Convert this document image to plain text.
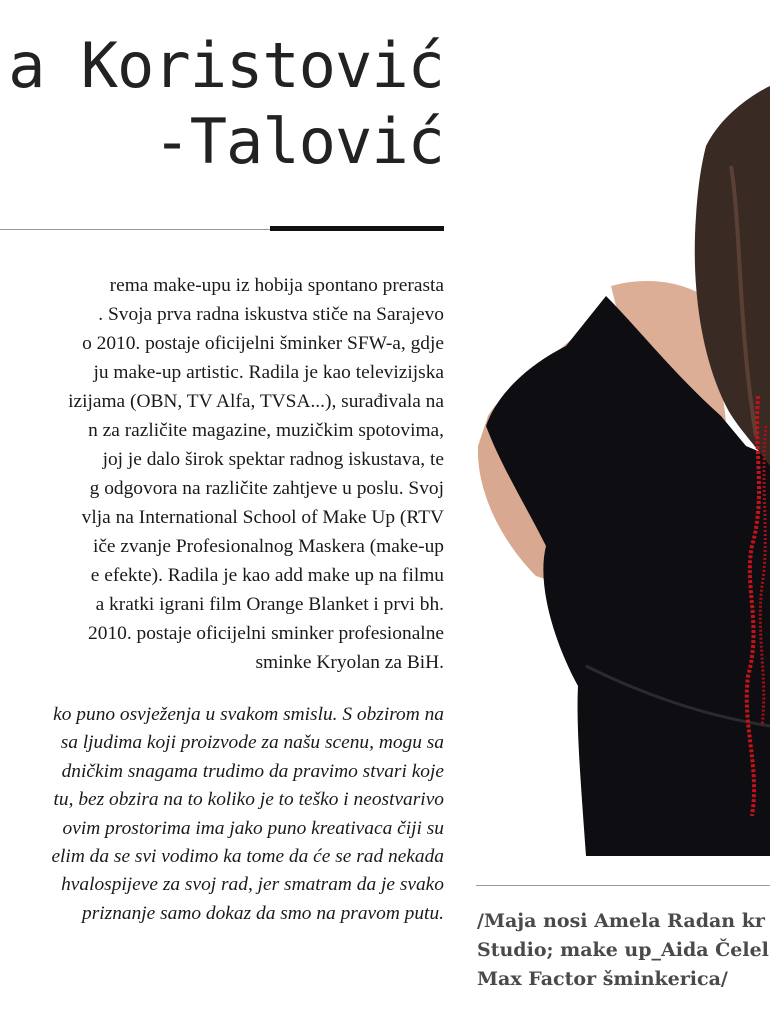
a Koristović
-Talović
rema make-upu iz hobija spontano prerasta
. Svoja prva radna iskustva stiče na Sarajevo
o 2010. postaje oficijelni šminker SFW-a, gdje
ju make-up artistic. Radila je kao televizijska
izijama (OBN, TV Alfa, TVSA...), surađivala na
n za različite magazine, muzičkim spotovima,
joj je dalo širok spektar radnog iskustava, te
g odgovora na različite zahtjeve u poslu. Svoj
vlja na International School of Make Up (RTV
iče zvanje Profesionalnog Maskera (make-up
e efekte). Radila je kao add make up na filmu
a kratki igrani film Orange Blanket i prvi bh.
2010. postaje oficijelni sminker profesionalne
sminke Kryolan za BiH.
ko puno osvježenja u svakom smislu. S obzirom na
sa ljudima koji proizvode za našu scenu, mogu sa
dničkim snagama trudimo da pravimo stvari koje
tu, bez obzira na to koliko je to teško i neostvarivo
ovim prostorima ima jako puno kreativaca čiji su
elim da se svi vodimo ka tome da će se rad nekada
hvalospijeve za svoj rad, jer smatram da je svako
priznanje samo dokaz da smo na pravom putu. /Maja nosi Amela Radan kr
Studio; make up_Aida Čelel
Max Factor šminkerica/
